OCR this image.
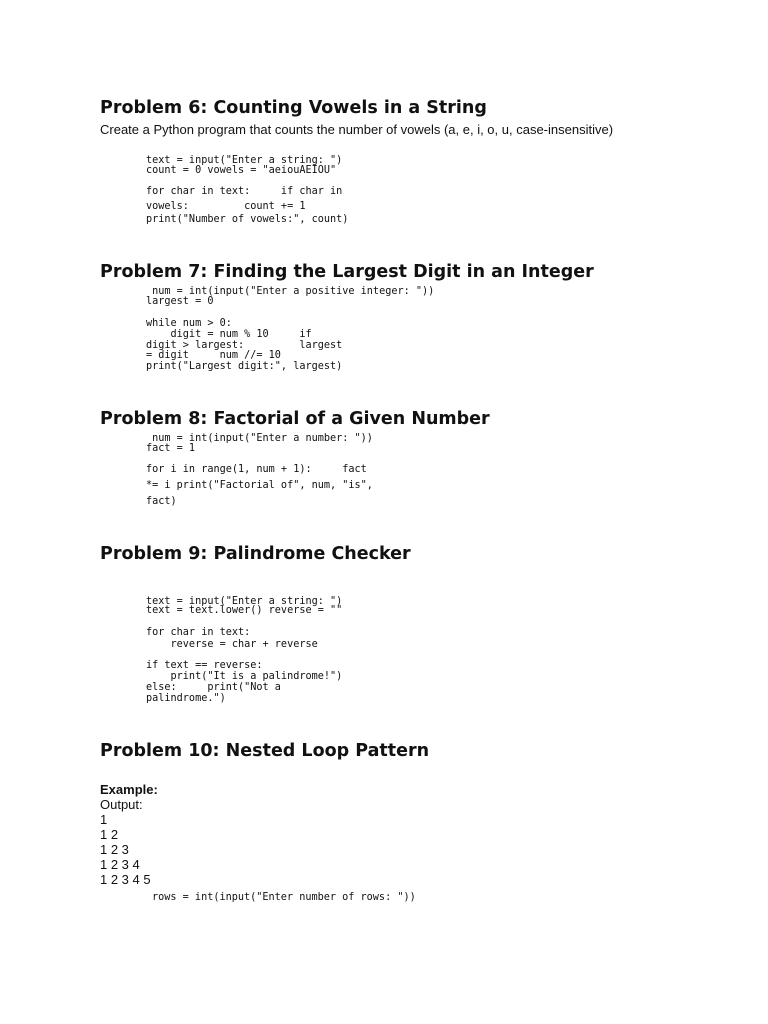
Problem 6: Counting Vowels in a String

Create a Python program that counts the number of vowels (a, e, i, o, u, case-insensitive)

text = input("Enter a string: ")
count = 0 vowels = "aeiouAEIOU"
for char in text:     if char in
vowels:         count += 1
print("Number of vowels:", count)
Problem 7: Finding the Largest Digit in an Integer
num = int(input("Enter a positive integer: "))
largest = 0
while num > 0:
digit = num % 10     if
digit > largest:         largest
= digit     num //= 10
print("Largest digit:", largest)
Problem 8: Factorial of a Given Number
num = int(input("Enter a number: "))
fact = 1
for i in range(1, num + 1):     fact
*= i print("Factorial of", num, "is",
fact)
Problem 9: Palindrome Checker
text = input("Enter a string: ")
text = text.lower() reverse = ""
for char in text:
reverse = char + reverse
if text == reverse:
print("It is a palindrome!")
else:     print("Not a
palindrome.")
Problem 10: Nested Loop Pattern

Example:

Output:

1

1 2

1 2 3

1 2 3 4

1 2 3 4 5

rows = int(input("Enter number of rows: "))
